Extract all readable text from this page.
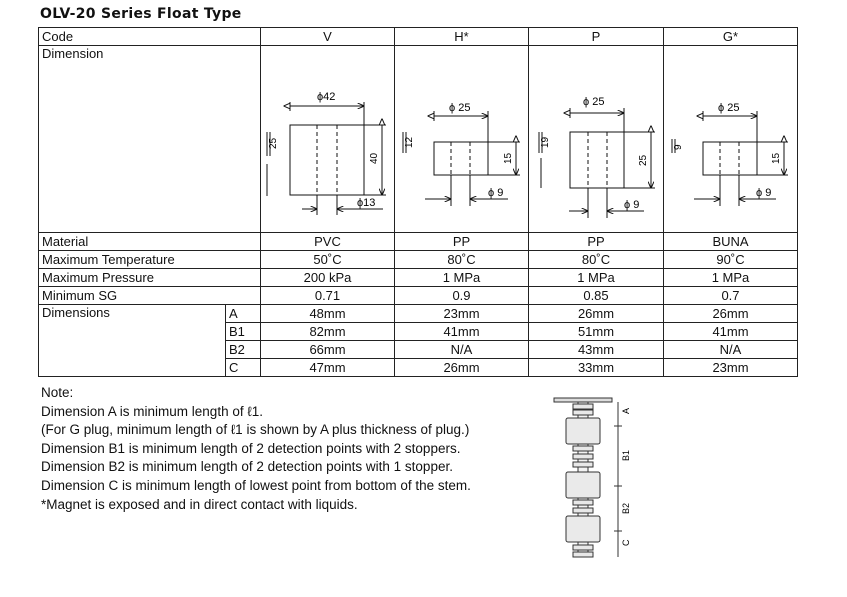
OLV-20 Series Float Type
Code		V	H*	P	G*
Dimension		ϕ42
40
25
ϕ13	ϕ 25
15
12
ϕ 9	ϕ 25
25
19
ϕ 9	ϕ 25
15
9
ϕ 9

Material		PVC	PP	PP	BUNA
Maximum Temperature		50˚C	80˚C	80˚C	90˚C
Maximum Pressure		200 kPa	1 MPa	1 MPa	1 MPa
Minimum SG		0.71	0.9	0.85	0.7
Dimensions	A	48mm	23mm	26mm	26mm
	B1	82mm	41mm	51mm	41mm
	B2	66mm	N/A	43mm	N/A
	C	47mm	26mm	33mm	23mm
Note:
Dimension A is minimum length of ℓ1.
(For G plug, minimum length of ℓ1 is shown by A plus thickness of plug.)
Dimension B1 is minimum length of 2 detection points with 2 stoppers.
Dimension B2 is minimum length of 2 detection points with 1 stopper.
Dimension C is minimum length of lowest point from bottom of the stem.
*Magnet is exposed and in direct contact with liquids.
A
B1
B2
C
